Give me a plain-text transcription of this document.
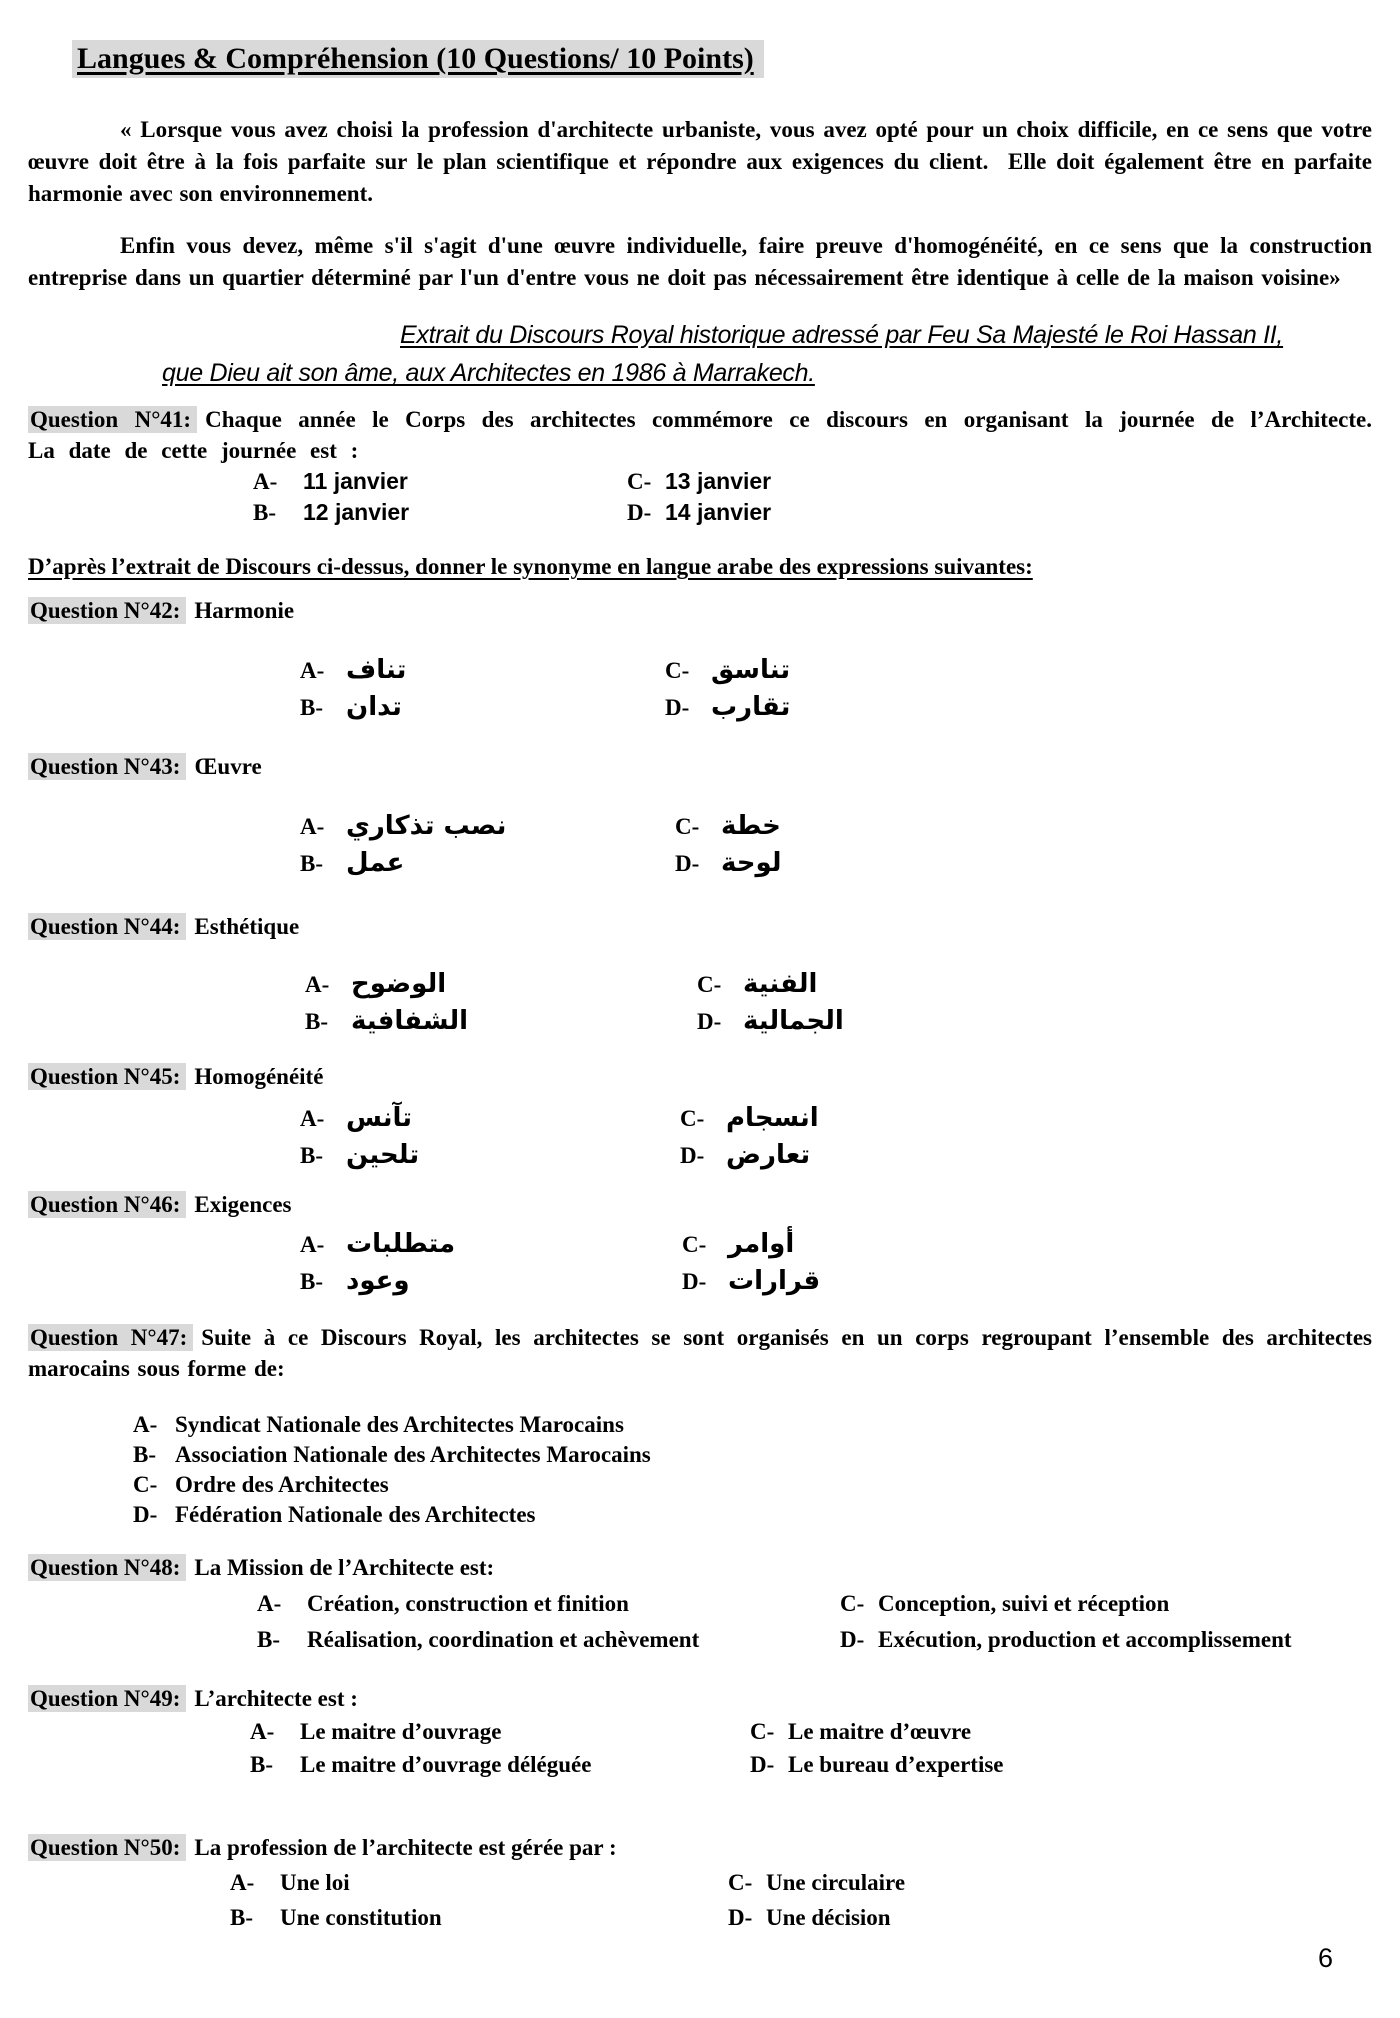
Langues & Compréhension (10 Questions/ 10 Points)

« Lorsque vous avez choisi la profession d'architecte urbaniste, vous avez opté pour un choix difficile, en ce sens que votre œuvre doit être à la fois parfaite sur le plan scientifique et répondre aux exigences du client.  Elle doit également être en parfaite harmonie avec son environnement.

Enfin vous devez, même s'il s'agit d'une œuvre individuelle, faire preuve d'homogénéité, en ce sens que la construction entreprise dans un quartier déterminé par l'un d'entre vous ne doit pas nécessairement être identique à celle de la maison voisine»

Extrait du Discours Royal historique adressé par Feu Sa Majesté le Roi Hassan II,
que Dieu ait son âme, aux Architectes en 1986 à Marrakech.

Question N°41: Chaque année le Corps des architectes commémore ce discours en organisant la journée de l’Architecte. La date de cette journée est :

A- 11 janvier	C- 13 janvier
B- 12 janvier	D- 14 janvier
D’après l’extrait de Discours ci-dessus, donner le synonyme en langue arabe des expressions suivantes:
Question N°42: Harmonie
A- تناف	C- تناسق
B- تدان	D- تقارب
Question N°43: Œuvre
A- نصب تذكاري	C- خطة
B- عمل	D- لوحة
Question N°44: Esthétique
A- الوضوح	C- الفنية
B- الشفافية	D- الجمالية
Question N°45: Homogénéité
A- تآنس	C- انسجام
B- تلحين	D- تعارض
Question N°46: Exigences
A- متطلبات	C- أوامر
B- وعود	D- قرارات

Question N°47: Suite à ce Discours Royal, les architectes se sont organisés en un corps regroupant l’ensemble des architectes marocains sous forme de:

A- Syndicat Nationale des Architectes Marocains
B- Association Nationale des Architectes Marocains
C- Ordre des Architectes
D- Fédération Nationale des Architectes
Question N°48: La Mission de l’Architecte est:
A- Création, construction et finition	C- Conception, suivi et réception
B- Réalisation, coordination et achèvement	D- Exécution, production et accomplissement
Question N°49: L’architecte est :
A- Le maitre d’ouvrage	C- Le maitre d’œuvre
B- Le maitre d’ouvrage déléguée	D- Le bureau d’expertise
Question N°50: La profession de l’architecte est gérée par :
A- Une loi	C- Une circulaire
B- Une constitution	D- Une décision
6
